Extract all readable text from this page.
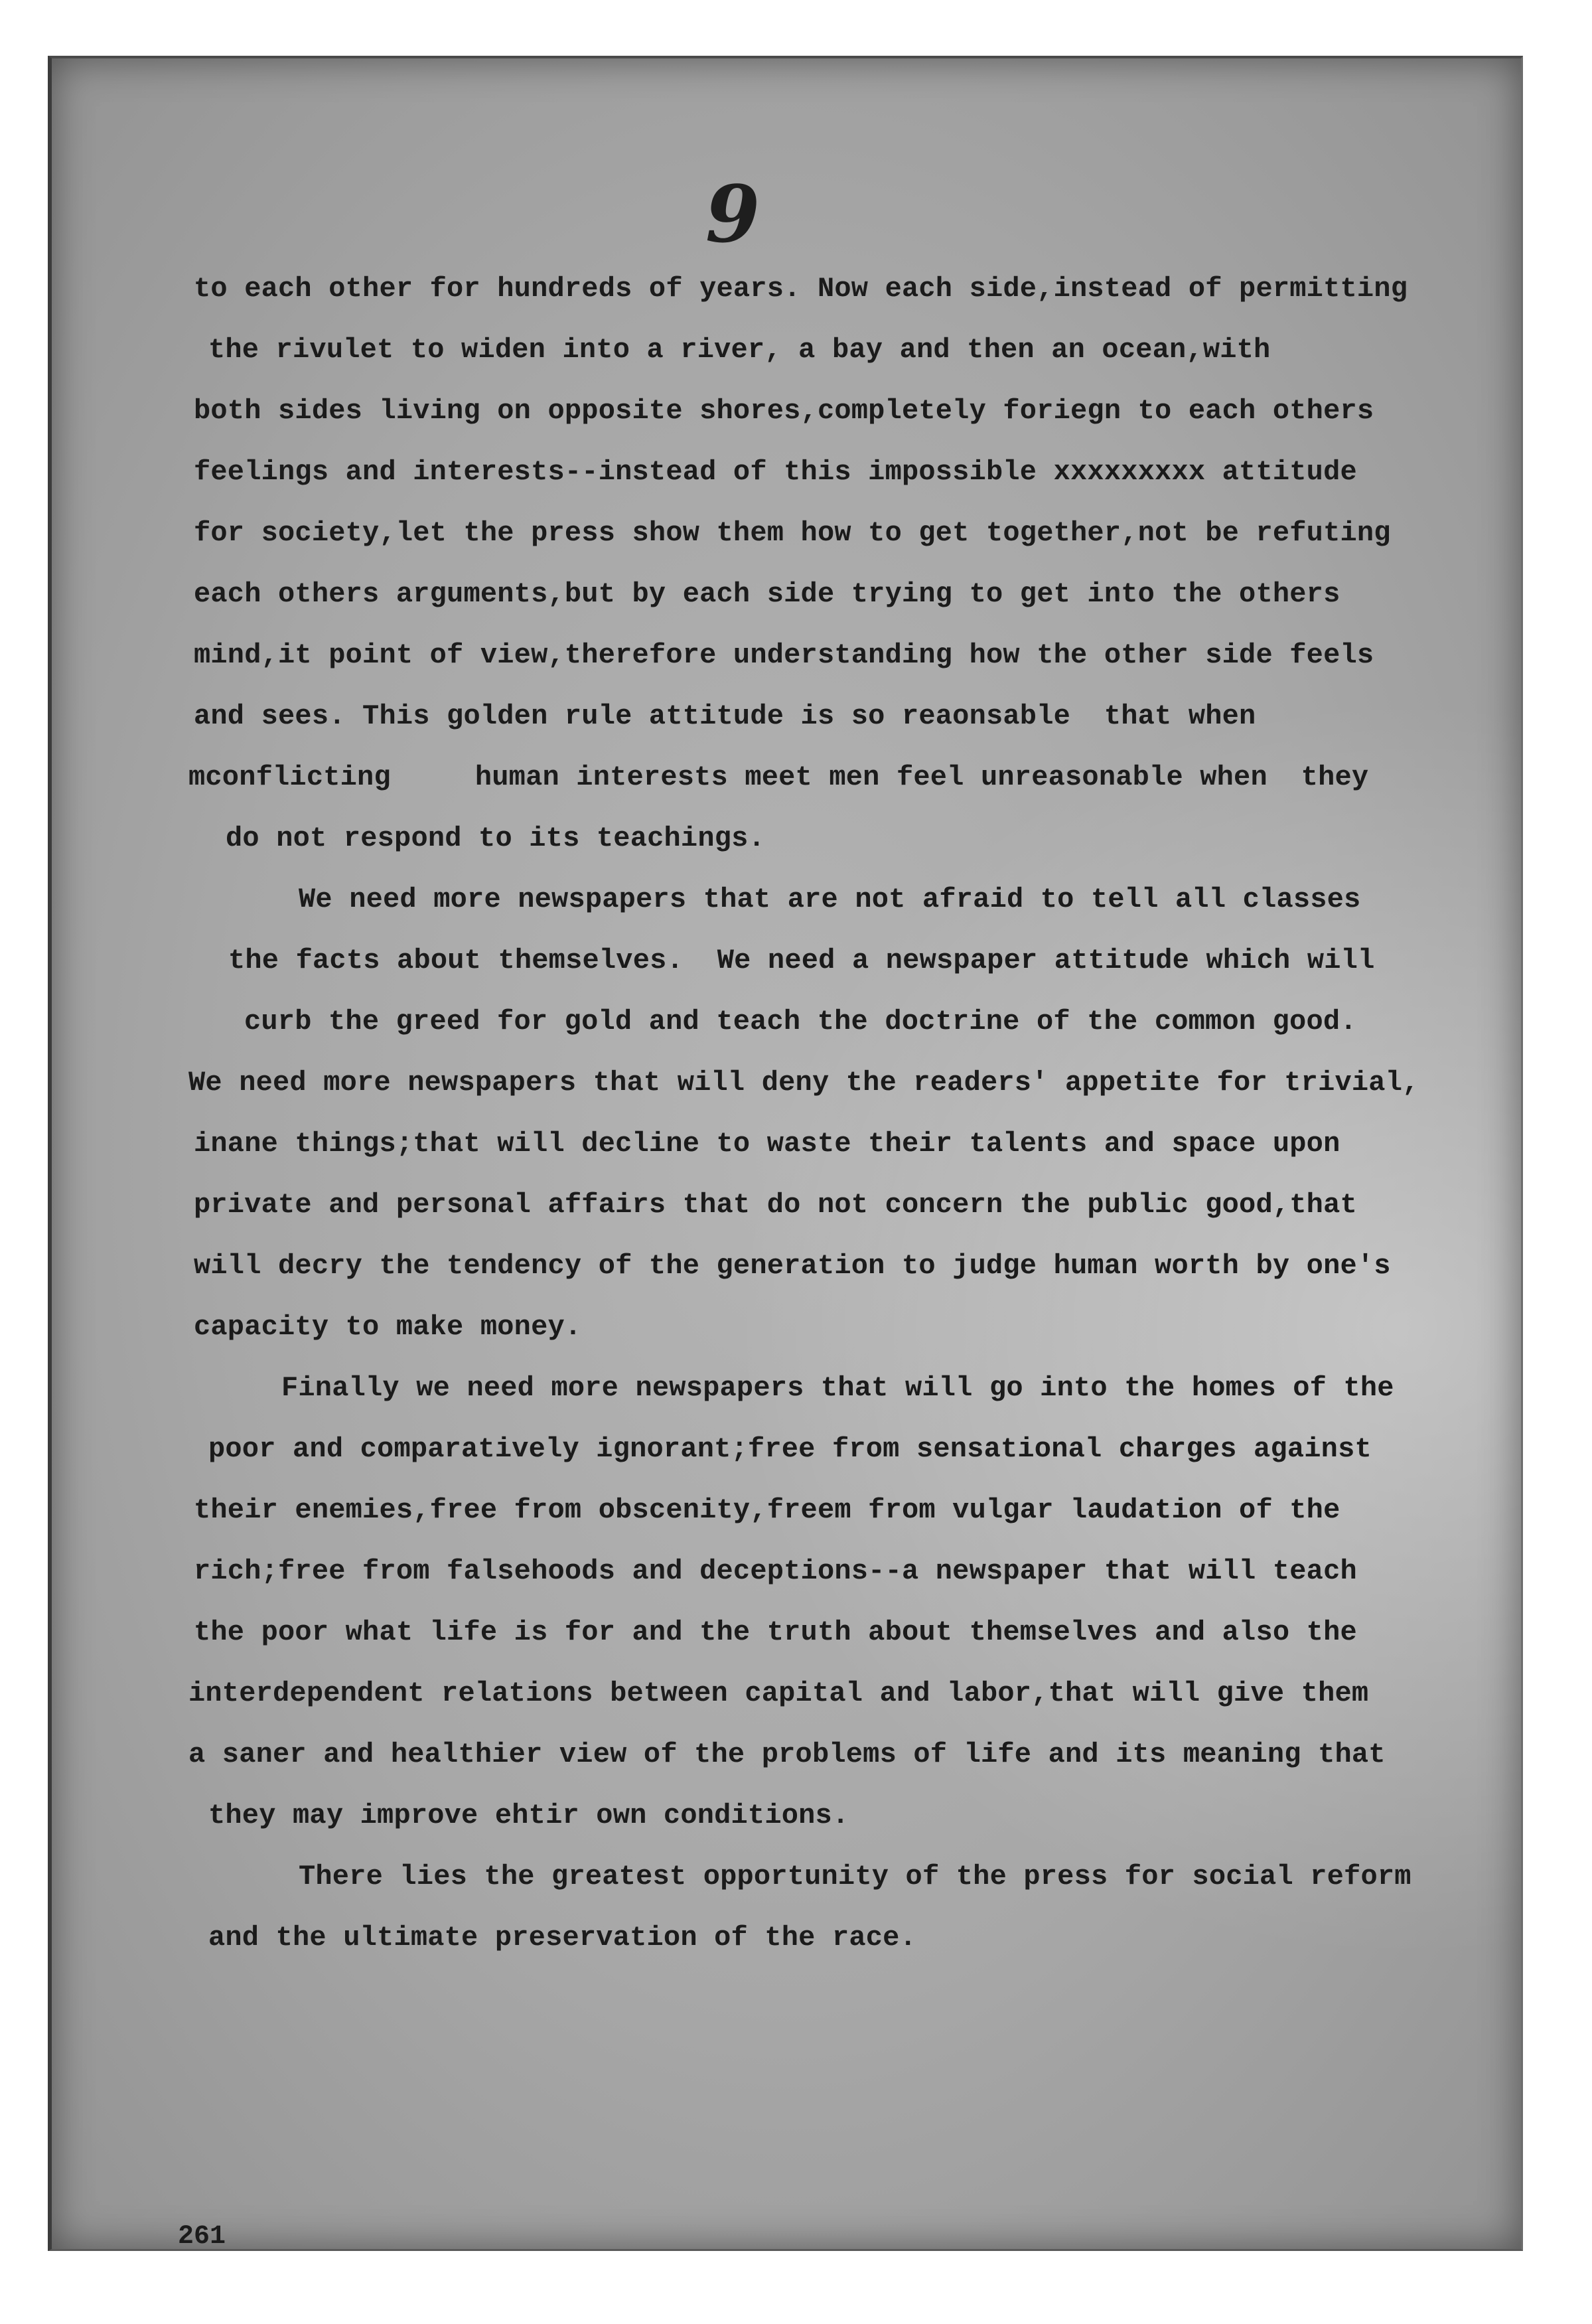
9
to each other for hundreds of years. Now each side,instead of permitting
the rivulet to widen into a river, a bay and then an ocean,with
both sides living on opposite shores,completely foriegn to each others
feelings and interests--instead of this impossible xxxxxxxxx attitude
for society,let the press show them how to get together,not be refuting
each others arguments,but by each side trying to get into the others
mind,it point of view,therefore understanding how the other side feels
and sees. This golden rule attitude is so reaonsable  that when
mconflicting     human interests meet men feel unreasonable when  they
do not respond to its teachings.
We need more newspapers that are not afraid to tell all classes
the facts about themselves.  We need a newspaper attitude which will
curb the greed for gold and teach the doctrine of the common good.
We need more newspapers that will deny the readers' appetite for trivial,
inane things;that will decline to waste their talents and space upon
private and personal affairs that do not concern the public good,that
will decry the tendency of the generation to judge human worth by one's
capacity to make money.
Finally we need more newspapers that will go into the homes of the
poor and comparatively ignorant;free from sensational charges against
their enemies,free from obscenity,freem from vulgar laudation of the
rich;free from falsehoods and deceptions--a newspaper that will teach
the poor what life is for and the truth about themselves and also the
interdependent relations between capital and labor,that will give them
a saner and healthier view of the problems of life and its meaning that
they may improve ehtir own conditions.
There lies the greatest opportunity of the press for social reform
and the ultimate preservation of the race.
261
